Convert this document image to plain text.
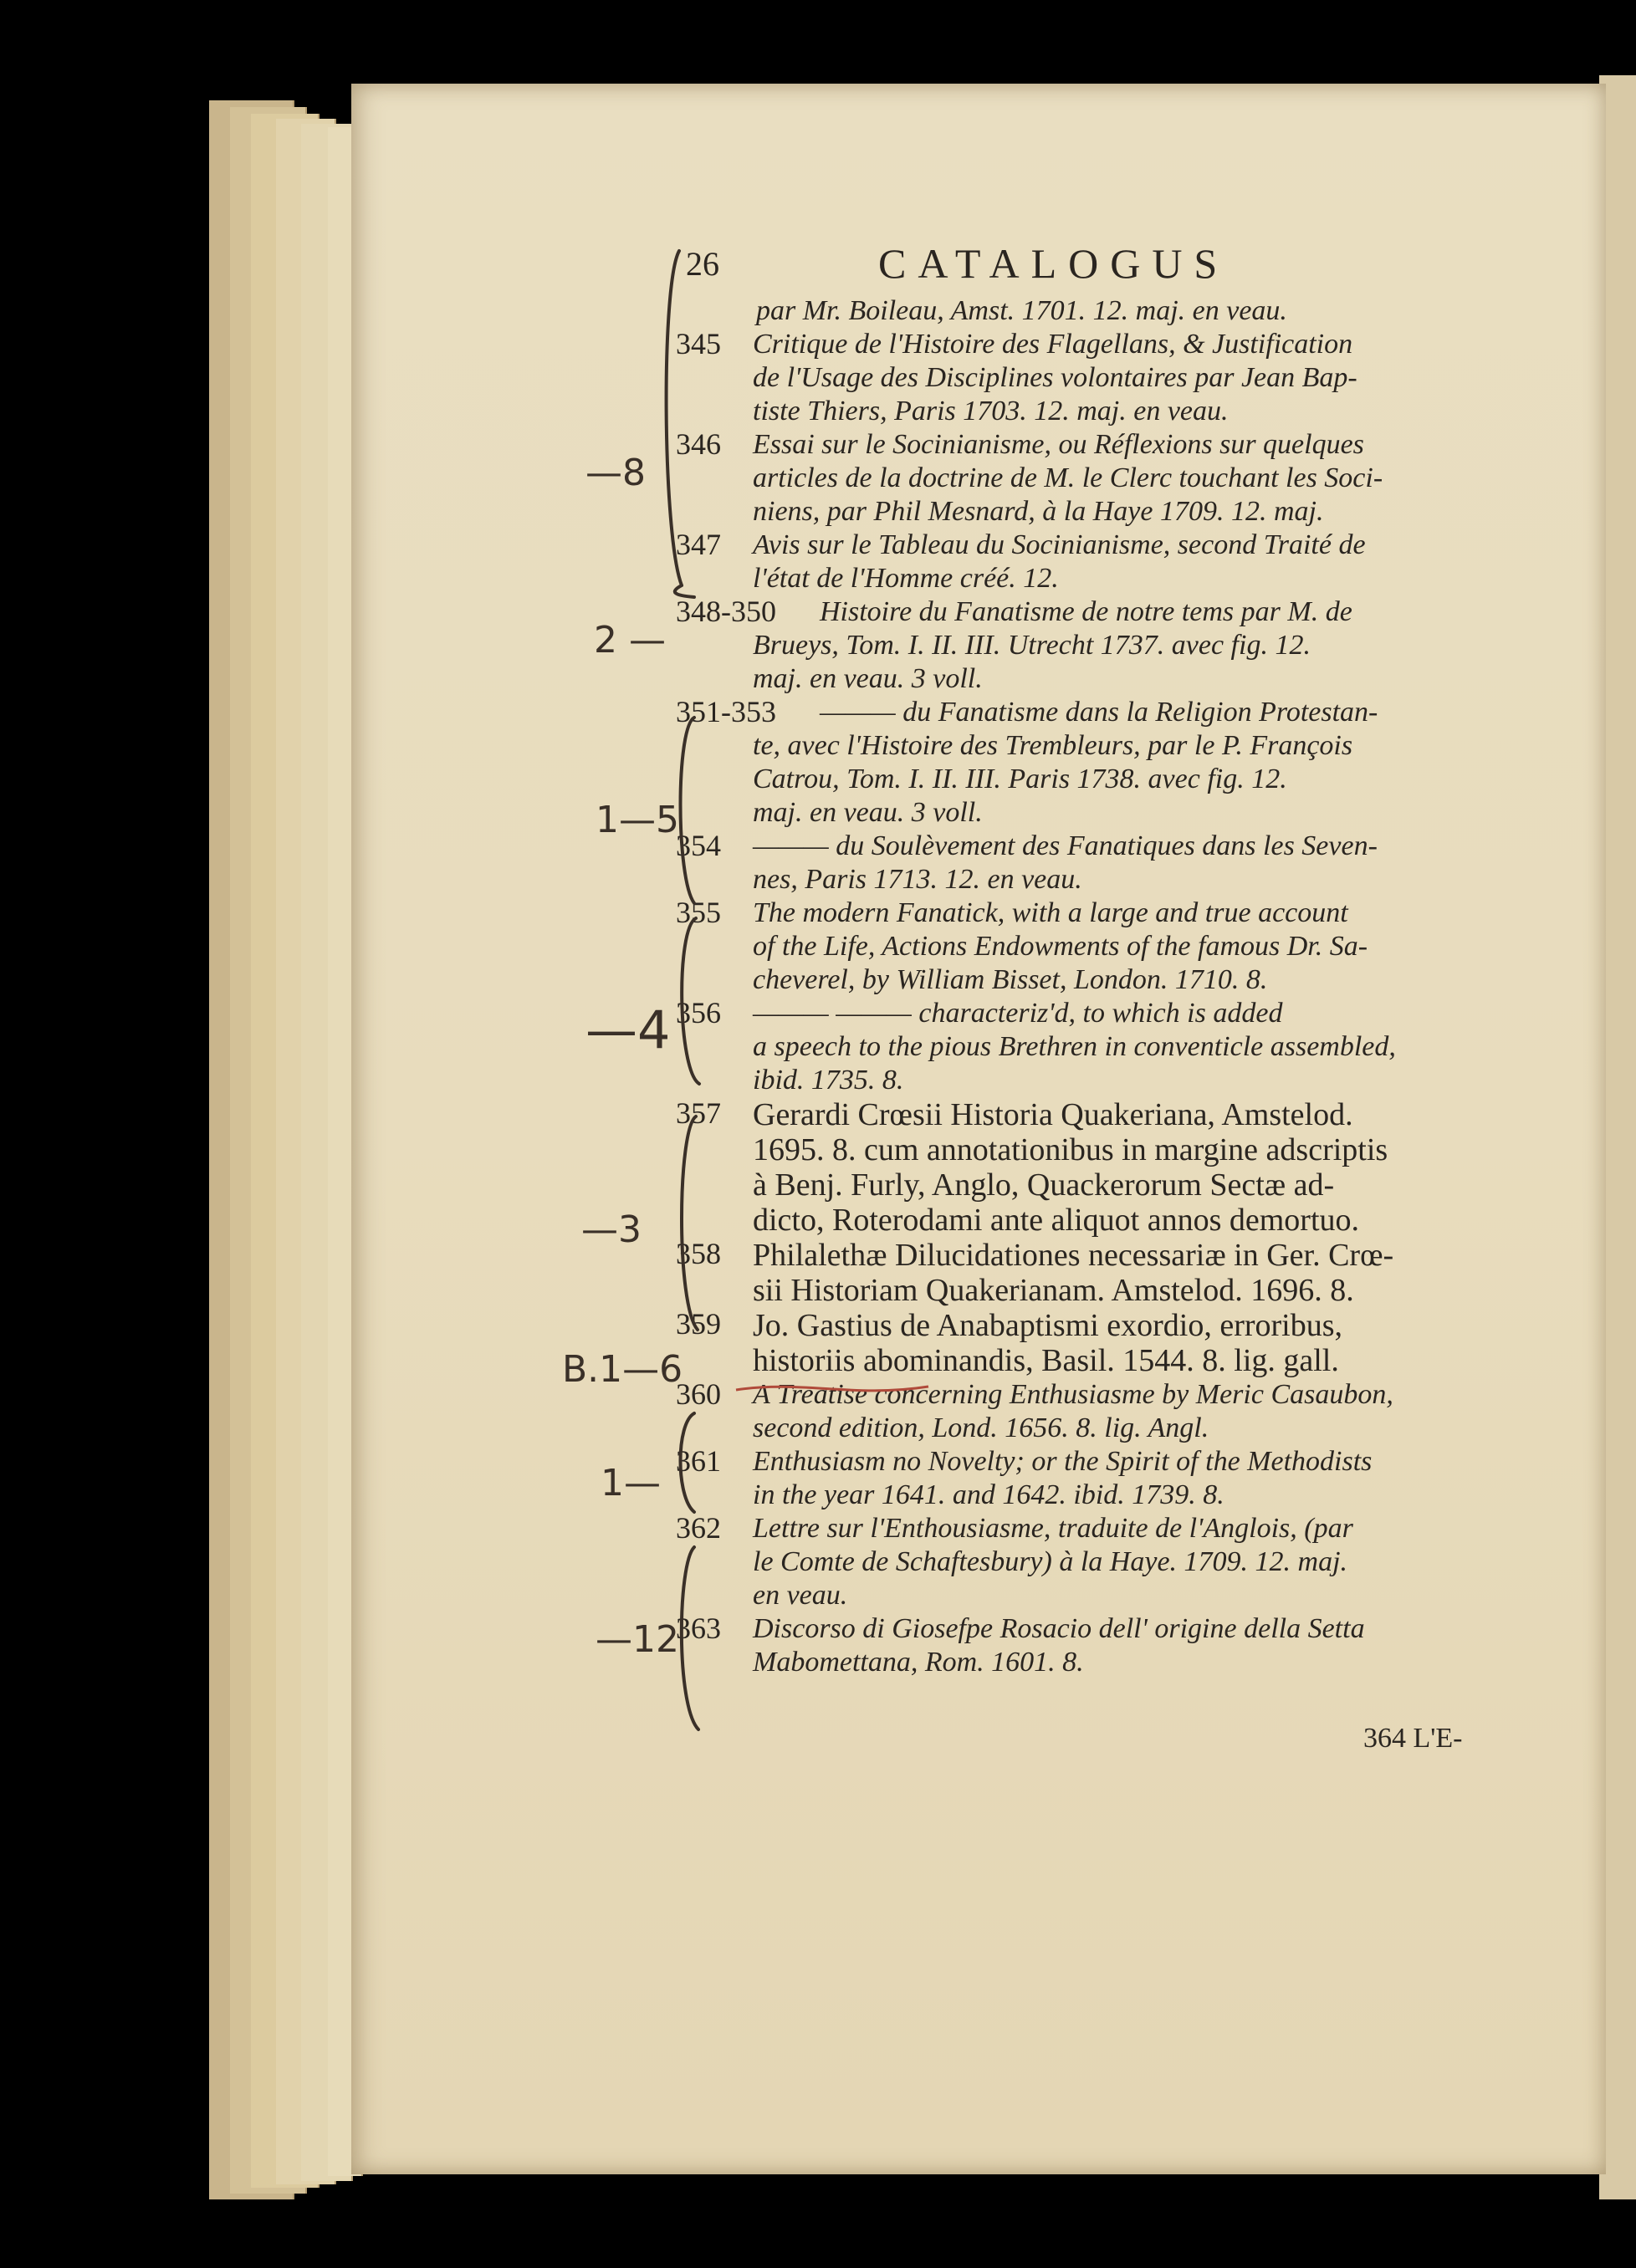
26	CATALOGUS
par Mr. Boileau, Amst. 1701. 12. maj. en veau.
345 Critique de l'Histoire des Flagellans, & Justification
de l'Usage des Disciplines volontaires par Jean Bap-
tiste Thiers, Paris 1703. 12. maj. en veau.
346 Essai sur le Socinianisme, ou Réflexions sur quelques
articles de la doctrine de M. le Clerc touchant les Soci-
niens, par Phil Mesnard, à la Haye 1709. 12. maj.
347 Avis sur le Tableau du Socinianisme, second Traité de
l'état de l'Homme créé. 12.
348-350 Histoire du Fanatisme de notre tems par M. de
Brueys, Tom. I. II. III. Utrecht 1737. avec fig. 12.
maj. en veau. 3 voll.
351-353 ——— du Fanatisme dans la Religion Protestan-
te, avec l'Histoire des Trembleurs, par le P. François
Catrou, Tom. I. II. III. Paris 1738. avec fig. 12.
maj. en veau. 3 voll.
354 ——— du Soulèvement des Fanatiques dans les Seven-
nes, Paris 1713. 12. en veau.
355 The modern Fanatick, with a large and true account
of the Life, Actions Endowments of the famous Dr. Sa-
cheverel, by William Bisset, London. 1710. 8.
356 ——— ——— characteriz'd, to which is added
a speech to the pious Brethren in conventicle assembled,
ibid. 1735. 8.
357 Gerardi Crœsii Historia Quakeriana, Amstelod.
1695. 8. cum annotationibus in margine adscriptis
à Benj. Furly, Anglo, Quackerorum Sectæ ad-
dicto, Roterodami ante aliquot annos demortuo.
358 Philalethæ Dilucidationes necessariæ in Ger. Crœ-
sii Historiam Quakerianam. Amstelod. 1696. 8.
359 Jo. Gastius de Anabaptismi exordio, erroribus,
historiis abominandis, Basil. 1544. 8. lig. gall.
360 A Treatise concerning Enthusiasme by Meric Casaubon,
second edition, Lond. 1656. 8. lig. Angl.
361 Enthusiasm no Novelty; or the Spirit of the Methodists
in the year 1641. and 1642. ibid. 1739. 8.
362 Lettre sur l'Enthousiasme, traduite de l'Anglois, (par
le Comte de Schaftesbury) à la Haye. 1709. 12. maj.
en veau.
363 Discorso di Giosefpe Rosacio dell' origine della Setta
Mabomettana, Rom. 1601. 8.
364 L'E-
—8
2 —
1—5
—4
—3
B.1—6
1—
—12
